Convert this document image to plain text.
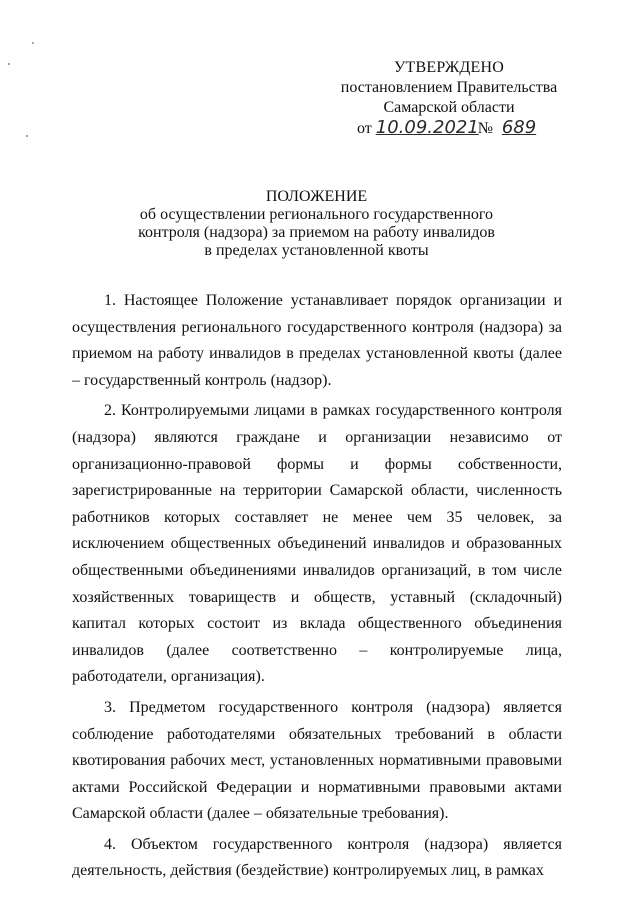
УТВЕРЖДЕНО
постановлением Правительства
Самарской области
от 10.09.2021 № 689
ПОЛОЖЕНИЕ
об осуществлении регионального государственного
контроля (надзора) за приемом на работу инвалидов
в пределах установленной квоты

1. Настоящее Положение устанавливает порядок организации и осуществления регионального государственного контроля (надзора) за приемом на работу инвалидов в пределах установленной квоты (далее – государственный контроль (надзор).

2. Контролируемыми лицами в рамках государственного контроля (надзора) являются граждане и организации независимо от организационно-правовой формы и формы собственности, зарегистрированные на территории Самарской области, численность работников которых составляет не менее чем 35 человек, за исключением общественных объединений инвалидов и образованных общественными объединениями инвалидов организаций, в том числе хозяйственных товариществ и обществ, уставный (складочный) капитал которых состоит из вклада общественного объединения инвалидов (далее соответственно – контролируемые лица, работодатели, организация).

3. Предметом государственного контроля (надзора) является соблюдение работодателями обязательных требований в области квотирования рабочих мест, установленных нормативными правовыми актами Российской Федерации и нормативными правовыми актами Самарской области (далее – обязательные требования).

4. Объектом государственного контроля (надзора) является деятельность, действия (бездействие) контролируемых лиц, в рамках
